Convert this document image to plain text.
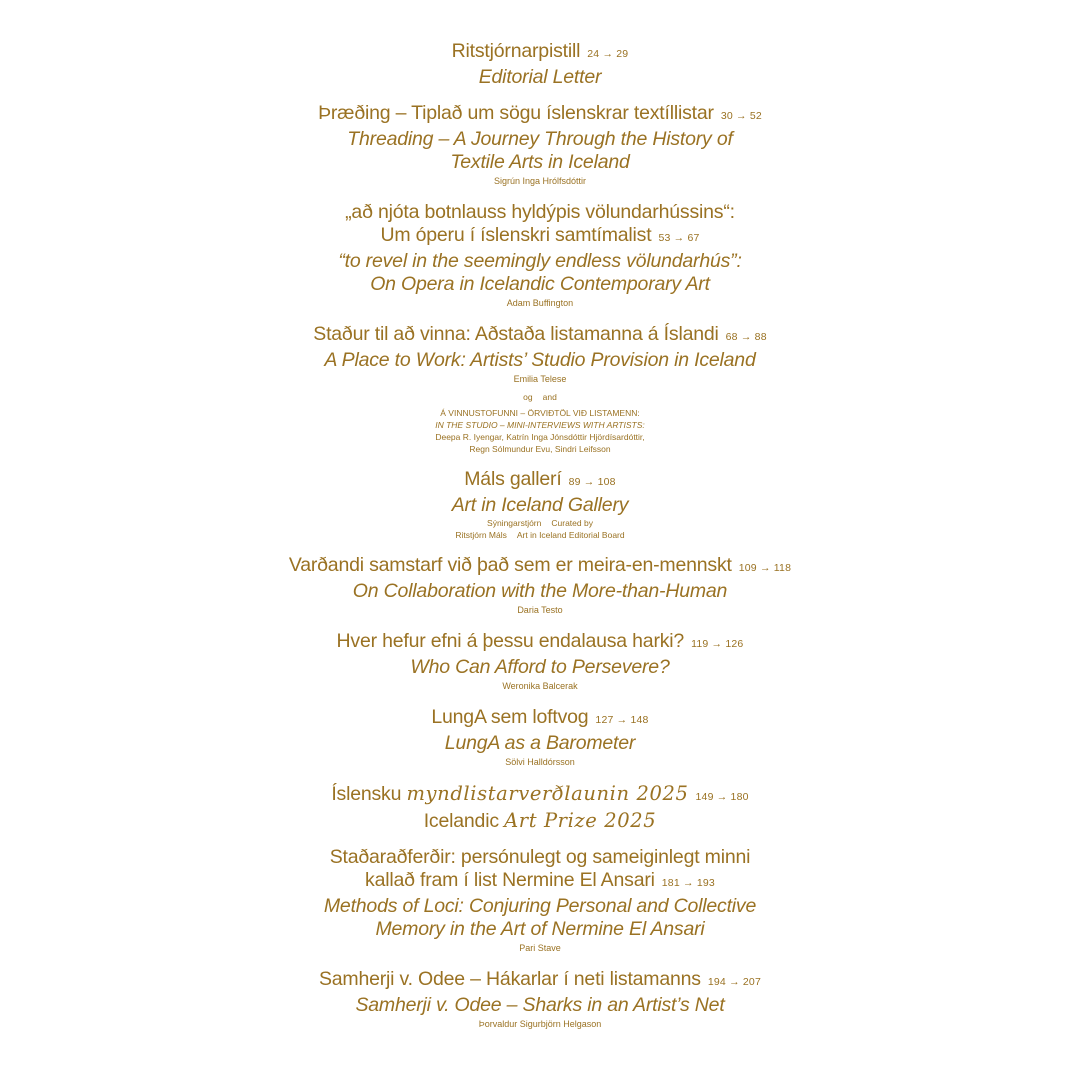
Ritstjórnarpistill 24 → 29
Editorial Letter
Þræðing – Tiplað um sögu íslenskrar textíllistar 30 → 52
Threading – A Journey Through the History of
Textile Arts in Iceland
Sigrún Inga Hrólfsdóttir
„að njóta botnlauss hyldýpis völundarhússins“:
Um óperu í íslenskri samtímalist 53 → 67
“to revel in the seemingly endless völundarhús”:
On Opera in Icelandic Contemporary Art
Adam Buffington
Staður til að vinna: Aðstaða listamanna á Íslandi 68 → 88
A Place to Work: Artists’ Studio Provision in Iceland
Emilia Telese
og and
Á VINNUSTOFUNNI – ÖRVIÐTÖL VIÐ LISTAMENN:
IN THE STUDIO – MINI-INTERVIEWS WITH ARTISTS:
Deepa R. Iyengar, Katrín Inga Jónsdóttir Hjördísardóttir,
Regn Sólmundur Evu, Sindri Leifsson
Máls gallerí 89 → 108
Art in Iceland Gallery
Sýningarstjórn Curated by
Ritstjórn Máls Art in Iceland Editorial Board
Varðandi samstarf við það sem er meira-en-mennskt 109 → 118
On Collaboration with the More-than-Human
Daria Testo
Hver hefur efni á þessu endalausa harki? 119 → 126
Who Can Afford to Persevere?
Weronika Balcerak
LungA sem loftvog 127 → 148
LungA as a Barometer
Sölvi Halldórsson
Íslensku myndlistarverðlaunin 2025 149 → 180
Icelandic Art Prize 2025
Staðaraðferðir: persónulegt og sameiginlegt minni
kallað fram í list Nermine El Ansari 181 → 193
Methods of Loci: Conjuring Personal and Collective
Memory in the Art of Nermine El Ansari
Pari Stave
Samherji v. Odee – Hákarlar í neti listamanns 194 → 207
Samherji v. Odee – Sharks in an Artist’s Net
Þorvaldur Sigurbjörn Helgason
